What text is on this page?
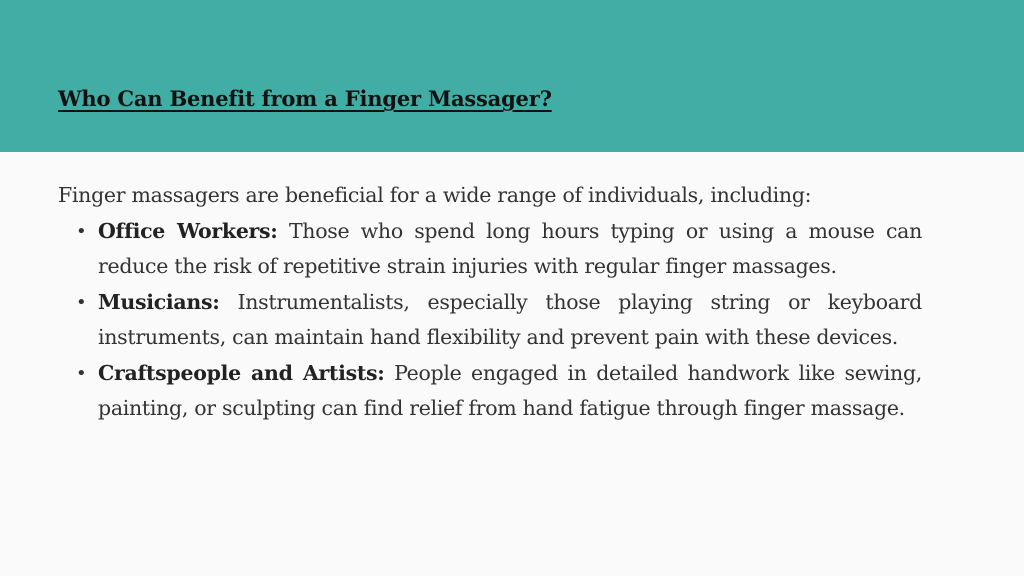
Who Can Benefit from a Finger Massager?

Finger massagers are beneficial for a wide range of individuals, including:

• Office Workers: Those who spend long hours typing or using a mouse can reduce the risk of repetitive strain injuries with regular finger massages.
• Musicians: Instrumentalists, especially those playing string or keyboard instruments, can maintain hand flexibility and prevent pain with these devices.
• Craftspeople and Artists: People engaged in detailed handwork like sewing, painting, or sculpting can find relief from hand fatigue through finger massage.
